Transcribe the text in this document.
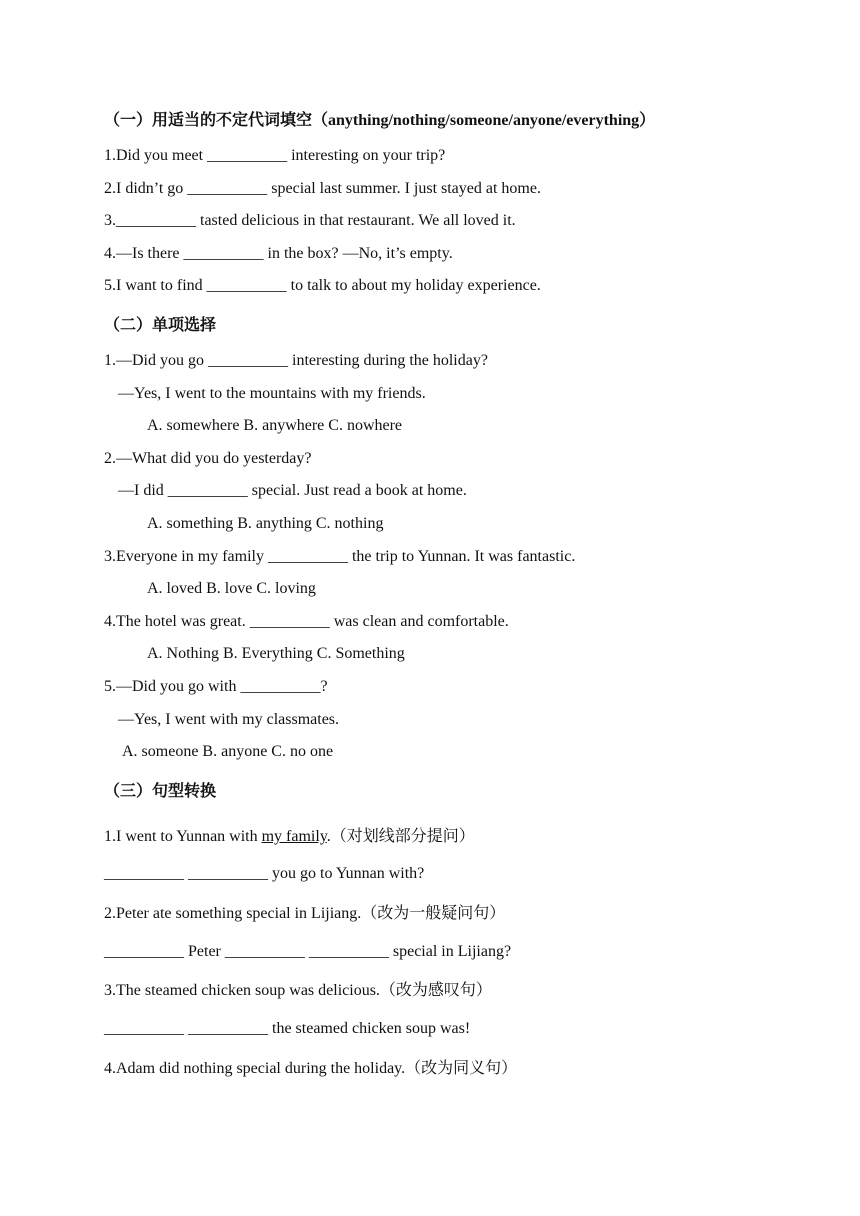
（一）用适当的不定代词填空（anything/nothing/someone/anyone/everything）
1.Did you meet __________ interesting on your trip?
2.I didn’t go __________ special last summer. I just stayed at home.
3.__________ tasted delicious in that restaurant. We all loved it.
4.—Is there __________ in the box? —No, it’s empty.
5.I want to find __________ to talk to about my holiday experience.
（二）单项选择
1.—Did you go __________ interesting during the holiday?
—Yes, I went to the mountains with my friends.
A. somewhere B. anywhere C. nowhere
2.—What did you do yesterday?
—I did __________ special. Just read a book at home.
A. something B. anything C. nothing
3.Everyone in my family __________ the trip to Yunnan. It was fantastic.
A. loved B. love C. loving
4.The hotel was great. __________ was clean and comfortable.
A. Nothing B. Everything C. Something
5.—Did you go with __________?
—Yes, I went with my classmates.
A. someone B. anyone C. no one
（三）句型转换
1.I went to Yunnan with my family.（对划线部分提问）
__________ __________ you go to Yunnan with?
2.Peter ate something special in Lijiang.（改为一般疑问句）
__________ Peter __________ __________ special in Lijiang?
3.The steamed chicken soup was delicious.（改为感叹句）
__________ __________ the steamed chicken soup was!
4.Adam did nothing special during the holiday.（改为同义句）
